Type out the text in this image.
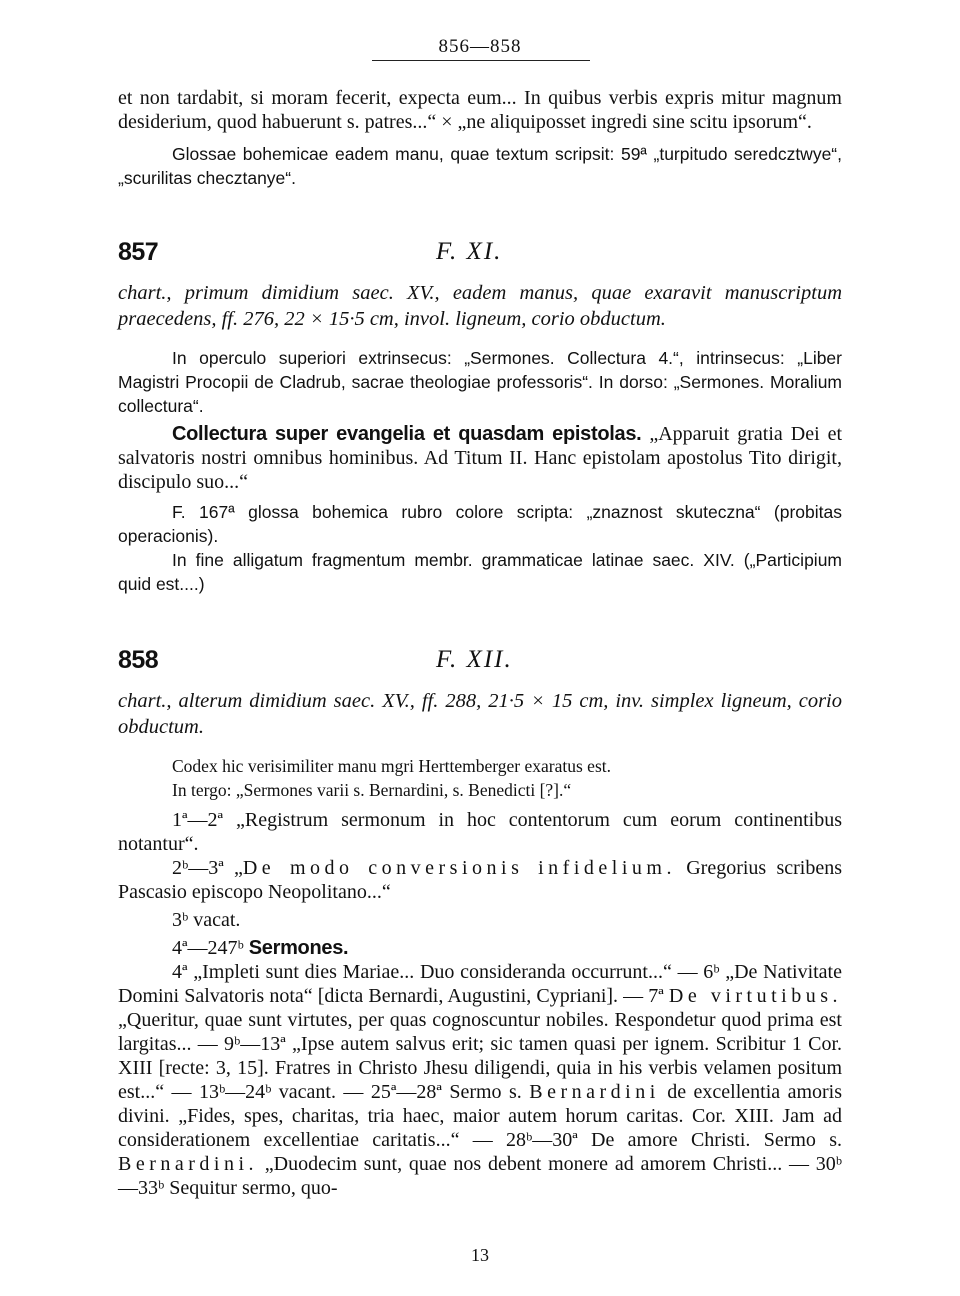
856—858

et non tardabit, si moram fecerit, expecta eum... In quibus verbis expris mitur magnum desiderium, quod habuerunt s. patres...“ × „ne aliquiposset ingredi sine scitu ipsorum“.

Glossae bohemicae eadem manu, quae textum scripsit: 59ª „turpitudo seredcztwye“, „scurilitas checztanye“.

857	F. XI.

chart., primum dimidium saec. XV., eadem manus, quae exaravit manuscriptum praecedens, ff. 276, 22 × 15·5 cm, invol. ligneum, corio obductum.

In operculo superiori extrinsecus: „Sermones. Collectura 4.“, intrinsecus: „Liber Magistri Procopii de Cladrub, sacrae theologiae professoris“. In dorso: „Sermones. Moralium collectura“.

Collectura super evangelia et quasdam epistolas. „Apparuit gratia Dei et salvatoris nostri omnibus hominibus. Ad Titum II. Hanc epistolam apostolus Tito dirigit, discipulo suo...“

F. 167ª glossa bohemica rubro colore scripta: „znaznost skuteczna“ (probitas operacionis).

In fine alligatum fragmentum membr. grammaticae latinae saec. XIV. („Participium quid est....)

858	F. XII.

chart., alterum dimidium saec. XV., ff. 288, 21·5 × 15 cm, inv. simplex ligneum, corio obductum.

Codex hic verisimiliter manu mgri Herttemberger exaratus est.

In tergo: „Sermones varii s. Bernardini, s. Benedicti [?].“

1ª—2ª „Registrum sermonum in hoc contentorum cum eorum continentibus notantur“.

2ᵇ—3ª „De modo conversionis infidelium. Gregorius scribens Pascasio episcopo Neopolitano...“

3ᵇ vacat.

4ª—247ᵇ Sermones.

4ª „Impleti sunt dies Mariae... Duo consideranda occurrunt...“ — 6ᵇ „De Nativitate Domini Salvatoris nota“ [dicta Bernardi, Augustini, Cypriani]. — 7ª De virtutibus. „Queritur, quae sunt virtutes, per quas cognoscuntur nobiles. Respondetur quod prima est largitas... — 9ᵇ—13ª „Ipse autem salvus erit; sic tamen quasi per ignem. Scribitur 1 Cor. XIII [recte: 3, 15]. Fratres in Christo Jhesu diligendi, quia in his verbis velamen positum est...“ — 13ᵇ—24ᵇ vacant. — 25ª—28ª Sermo s. Bernardini de excellentia amoris divini. „Fides, spes, charitas, tria haec, maior autem horum caritas. Cor. XIII. Jam ad considerationem excellentiae caritatis...“ — 28ᵇ—30ª De amore Christi. Sermo s. Bernardini. „Duodecim sunt, quae nos debent monere ad amorem Christi... — 30ᵇ—33ᵇ Sequitur sermo, quo-

13
